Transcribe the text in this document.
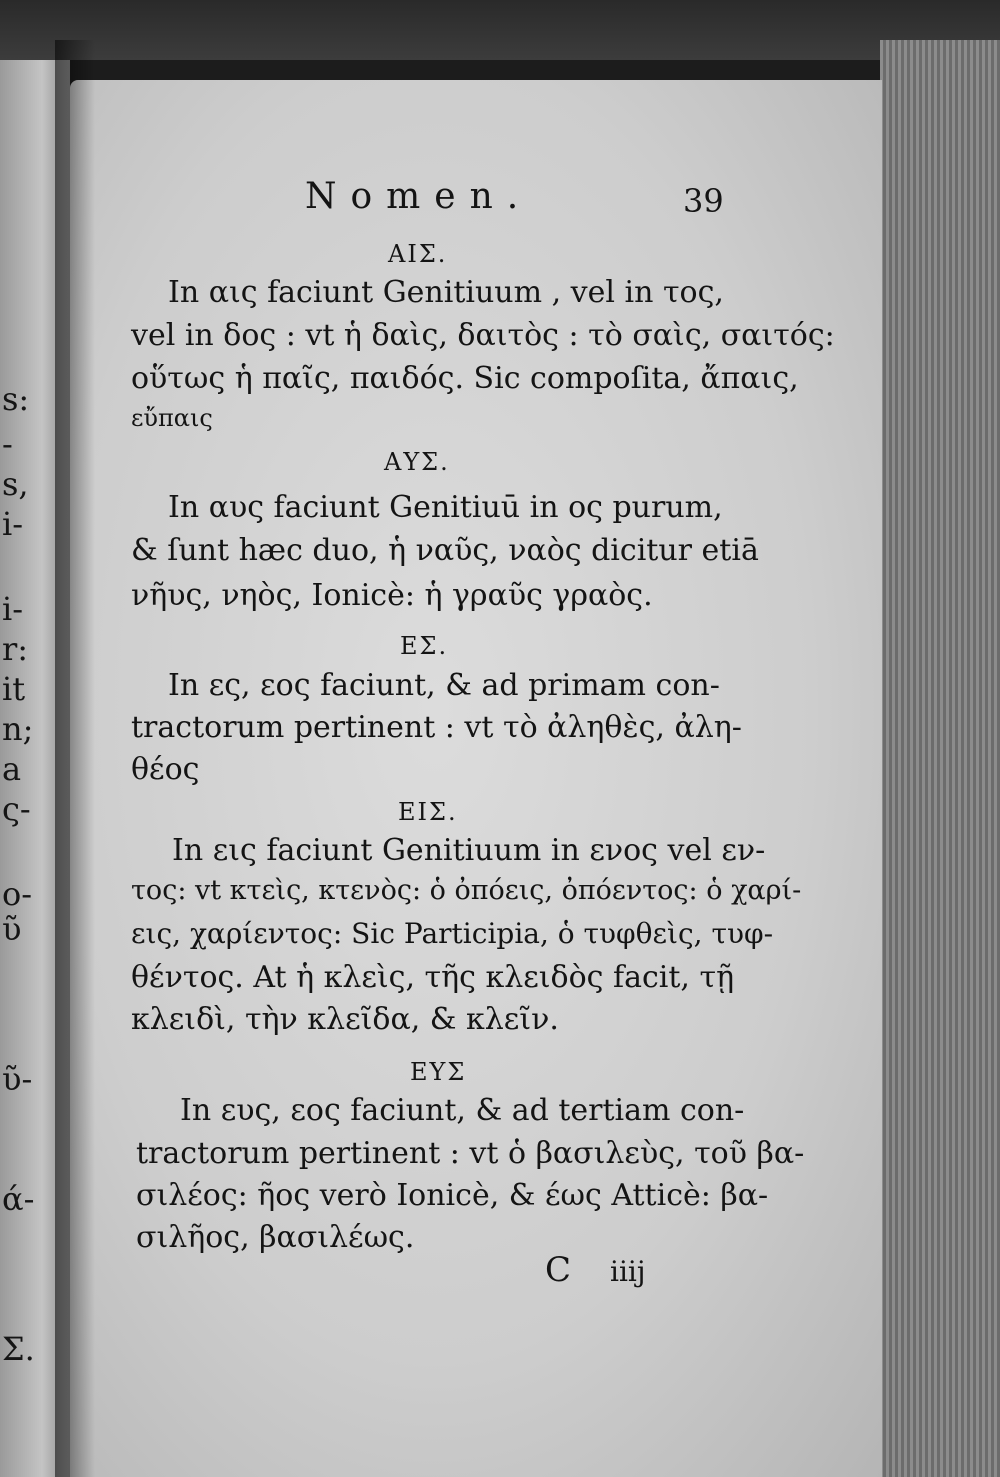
s:
-
s,
i-
i-
r:
it
n;
a
ς-
ο-
ῦ
ῦ-
ά-
Σ.
Nomen.	39
ΑΙΣ.
In αις faciunt Genitiuum , vel in τος,
vel in δος : vt ἡ δαὶς, δαιτὸς : τὸ σαὶς, σαιτός:
οὕτως ἡ παῖς, παιδός. Sic compoſita, ἄπαις,
εὔπαις
ΑΥΣ.
In αυς faciunt Genitiuū in ος purum,
& ſunt hæc duo, ἡ ναῦς, ναὸς dicitur etiā
νῆυς, νηὸς, Ionicè: ἡ γραῦς γραὸς.
ΕΣ.
In ες, εος faciunt, & ad primam con-
tractorum pertinent : vt τὸ ἀληθὲς, ἀλη-
θέος
ΕΙΣ.
In εις faciunt Genitiuum in ενος vel εν-
τος: vt κτεὶς, κτενὸς: ὁ ὀπόεις, ὀπόεντος: ὁ χαρί-
εις, χαρίεντος: Sic Participia, ὁ τυφθεὶς, τυφ-
θέντος. At ἡ κλεὶς, τῆς κλειδὸς facit, τῇ
κλειδὶ, τὴν κλεῖδα, & κλεῖν.
ΕΥΣ
In ευς, εος faciunt, & ad tertiam con-
tractorum pertinent : vt ὁ βασιλεὺς, τοῦ βα-
σιλέος: ῆος verò Ionicè, & έως Atticè: βα-
σιλῆος, βασιλέως.
C iiij
